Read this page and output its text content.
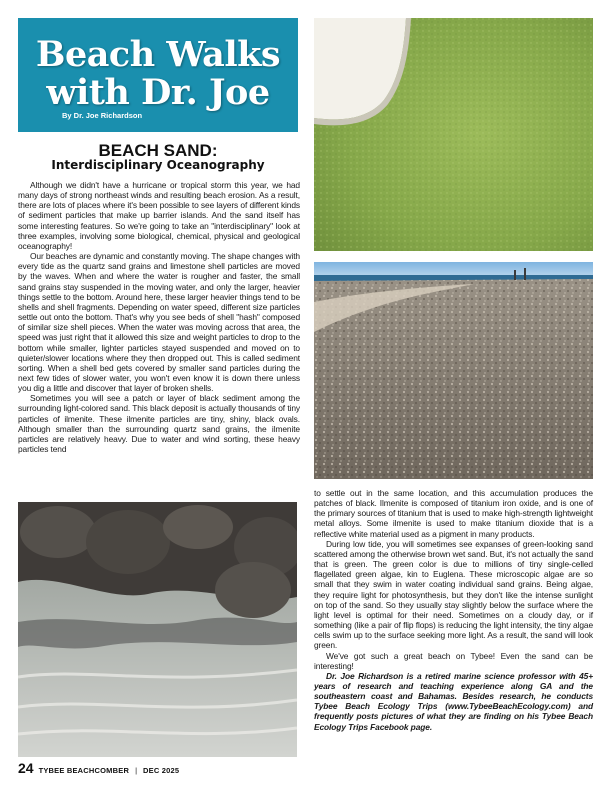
Beach Walks
with Dr. Joe
By Dr. Joe Richardson
BEACH SAND:
Interdisciplinary Oceanography

Although we didn't have a hurricane or tropical storm this year, we had many days of strong northeast winds and resulting beach erosion. As a result, there are lots of places where it's been possible to see layers of different kinds of sediment particles that make up barrier islands. And the sand itself has some interesting features. So we're going to take an "interdisciplinary" look at three examples, involving some biological, chemical, physical and geological oceanography!

Our beaches are dynamic and constantly moving. The shape changes with every tide as the quartz sand grains and limestone shell particles are moved by the waves. When and where the water is rougher and faster, the small sand grains stay suspended in the moving water, and only the larger, heavier things settle to the bottom. Around here, these larger heavier things tend to be shells and shell fragments. Depending on water speed, different size particles settle out onto the bottom. That's why you see beds of shell "hash" composed of similar size shell pieces. When the water was moving across that area, the speed was just right that it allowed this size and weight particles to drop to the bottom while smaller, lighter particles stayed suspended and moved on to quieter/slower locations where they then dropped out. This is called sediment sorting. When a shell bed gets covered by smaller sand particles during the next few tides of slower water, you won't even know it is down there unless you dig a little and discover that layer of broken shells.

Sometimes you will see a patch or layer of black sediment among the surrounding light-colored sand. This black deposit is actually thousands of tiny particles of ilmenite. These ilmenite particles are tiny, shiny, black ovals. Although smaller than the surrounding quartz sand grains, the ilmenite particles are relatively heavy. Due to water and wind sorting, these heavy particles tend

to settle out in the same location, and this accumulation produces the patches of black. Ilmenite is composed of titanium iron oxide, and is one of the primary sources of titanium that is used to make high-strength lightweight metal alloys. Some ilmenite is used to make titanium dioxide that is a reflective white material used as a pigment in many products.

During low tide, you will sometimes see expanses of green-looking sand scattered among the otherwise brown wet sand. But, it's not actually the sand that is green. The green color is due to millions of tiny single-celled flagellated green algae, kin to Euglena. These microscopic algae are so small that they swim in water coating individual sand grains. Being algae, they require light for photosynthesis, but they don't like the intense sunlight on top of the sand. So they usually stay slightly below the surface where the light level is optimal for their need. Sometimes on a cloudy day, or if something (like a pair of flip flops) is reducing the light intensity, the tiny algae cells swim up to the surface seeking more light. As a result, the sand will look green.

We've got such a great beach on Tybee! Even the sand can be interesting!

Dr. Joe Richardson is a retired marine science professor with 45+ years of research and teaching experience along GA and the southeastern coast and Bahamas. Besides research, he conducts Tybee Beach Ecology Trips (www.TybeeBeachEcology.com) and frequently posts pictures of what they are finding on his Tybee Beach Ecology Trips Facebook page.

24 TYBEE BEACHCOMBER | DEC 2025
